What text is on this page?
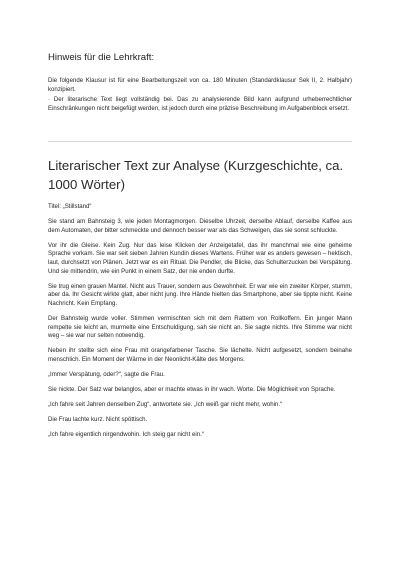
Hinweis für die Lehrkraft:

Die folgende Klausur ist für eine Bearbeitungszeit von ca. 180 Minuten (Standardklausur Sek II, 2. Halbjahr) konzipiert.

· Der literarische Text liegt vollständig bei. Das zu analysierende Bild kann aufgrund urheberrechtlicher Einschränkungen nicht beigefügt werden, ist jedoch durch eine präzise Beschreibung im Aufgabenblock ersetzt.

Literarischer Text zur Analyse (Kurzgeschichte, ca. 1000 Wörter)

Titel: „Stillstand“

Sie stand am Bahnsteig 3, wie jeden Montagmorgen. Dieselbe Uhrzeit, derselbe Ablauf, derselbe Kaffee aus dem Automaten, der bitter schmeckte und dennoch besser war als das Schweigen, das sie sonst schluckte.

Vor ihr die Gleise. Kein Zug. Nur das leise Klicken der Anzeigetafel, das ihr manchmal wie eine geheime Sprache vorkam. Sie war seit sieben Jahren Kundin dieses Wartens. Früher war es anders gewesen – hektisch, laut, durchsetzt von Plänen. Jetzt war es ein Ritual. Die Pendler, die Blicke, das Schulterzucken bei Verspätung. Und sie mittendrin, wie ein Punkt in einem Satz, der nie enden durfte.

Sie trug einen grauen Mantel. Nicht aus Trauer, sondern aus Gewohnheit. Er war wie ein zweiter Körper, stumm, aber da. Ihr Gesicht wirkte glatt, aber nicht jung. Ihre Hände hielten das Smartphone, aber sie tippte nicht. Keine Nachricht. Kein Empfang.

Der Bahnsteig wurde voller. Stimmen vermischten sich mit dem Rattern von Rollkoffern. Ein junger Mann rempelte sie leicht an, murmelte eine Entschuldigung, sah sie nicht an. Sie sagte nichts. Ihre Stimme war nicht weg – sie war nur selten notwendig.

Neben ihr stellte sich eine Frau mit orangefarbener Tasche. Sie lächelte. Nicht aufgesetzt, sondern beinahe menschlich. Ein Moment der Wärme in der Neonlicht-Kälte des Morgens.

„Immer Verspätung, oder?“, sagte die Frau.

Sie nickte. Der Satz war belanglos, aber er machte etwas in ihr wach. Worte. Die Möglichkeit von Sprache.

„Ich fahre seit Jahren denselben Zug“, antwortete sie. „Ich weiß gar nicht mehr, wohin.“

Die Frau lachte kurz. Nicht spöttisch.

„Ich fahre eigentlich nirgendwohin. Ich steig gar nicht ein.“
